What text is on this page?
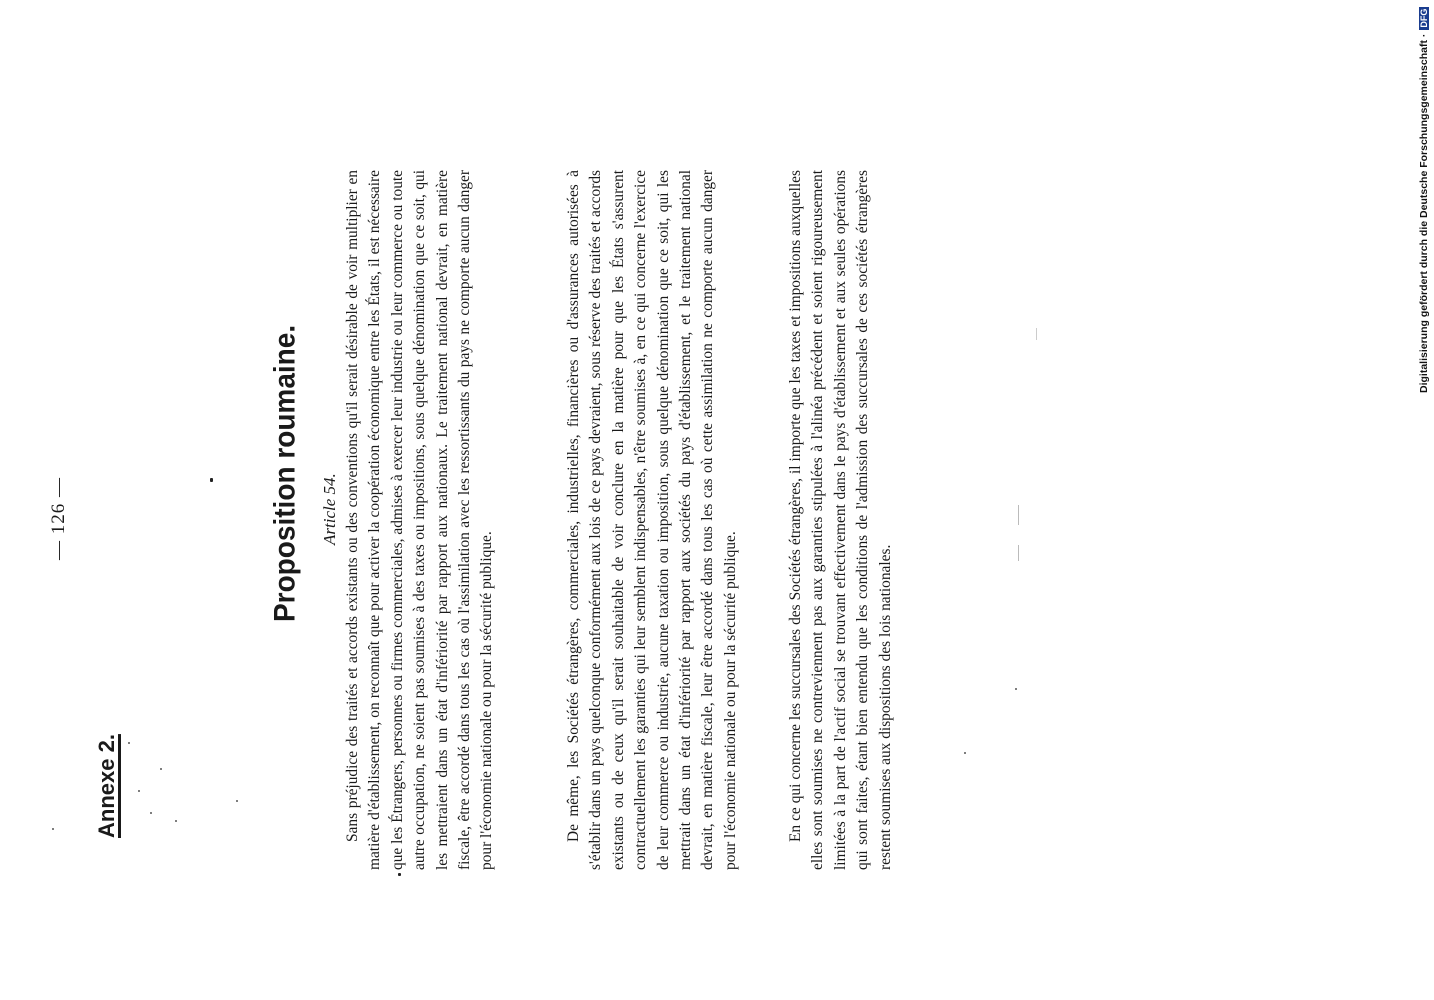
— 126 —
Annexe 2.
Proposition roumaine. Article 54. Sans préjudice des traités et accords existants ou des conventions qu'il serait désirable de voir multiplier en matière d'établissement, on reconnaît que pour activer la coopération économique entre les États, il est nécessaire que les Étrangers, personnes ou firmes commerciales, admises à exercer leur industrie ou leur commerce ou toute autre occupation, ne soient pas soumises à des taxes ou impositions, sous quelque dénomination que ce soit, qui les mettraient dans un état d'infériorité par rapport aux nationaux. Le traitement national devrait, en matière fiscale, être accordé dans tous les cas où l'assimilation avec les ressortissants du pays ne comporte aucun danger pour l'économie nationale ou pour la sécurité publique.	De même, les Sociétés étrangères, commerciales, industrielles, financières ou d'assurances autorisées à s'établir dans un pays quelconque conformément aux lois de ce pays devraient, sous réserve des traités et accords existants ou de ceux qu'il serait souhaitable de voir conclure en la matière pour que les États s'assurent contractuellement les garanties qui leur semblent indispensables, n'être soumises à, en ce qui concerne l'exercice de leur commerce ou industrie, aucune taxation ou imposition, sous quelque dénomination que ce soit, qui les mettrait dans un état d'infériorité par rapport aux sociétés du pays d'établissement, et le traitement national devrait, en matière fiscale, leur être accordé dans tous les cas où cette assimilation ne comporte aucun danger pour l'économie nationale ou pour la sécurité publique.	En ce qui concerne les succursales des Sociétés étrangères, il importe que les taxes et impositions auxquelles elles sont soumises ne contreviennent pas aux garanties stipulées à l'alinéa précédent et soient rigoureusement limitées à la part de l'actif social se trouvant effectivement dans le pays d'établissement et aux seules opérations qui sont faites, étant bien entendu que les conditions de l'admission des succursales de ces sociétés étrangères restent soumises aux dispositions des lois nationales.
Digitalisierung gefördert durch die Deutsche Forschungsgemeinschaft ·DFG
